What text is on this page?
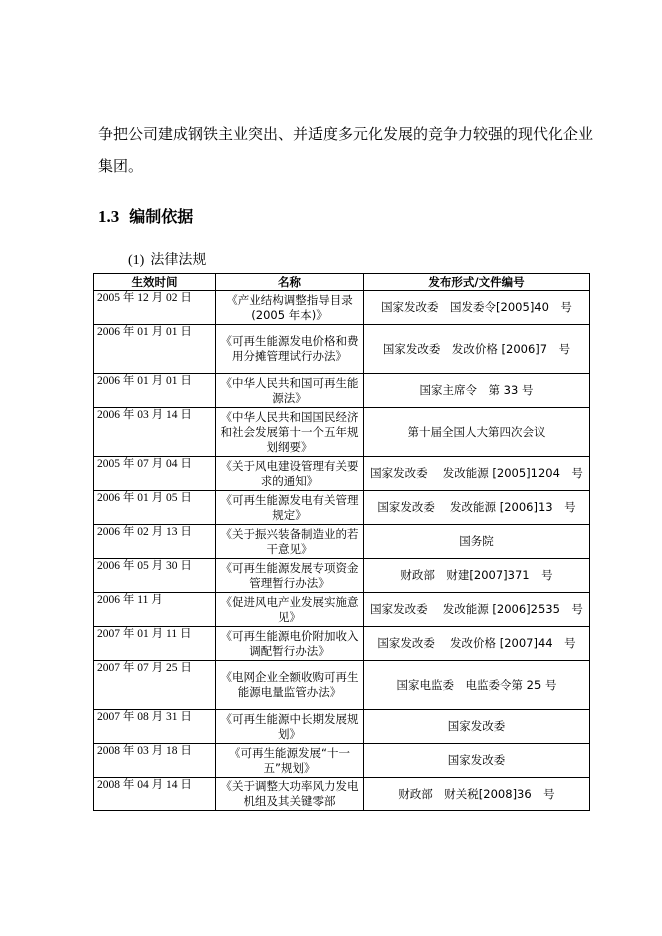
争把公司建成钢铁主业突出、并适度多元化发展的竞争力较强的现代化企业集团。

1.3 编制依据

(1) 法律法规

生效时间	名称	发布形式/文件编号
2005 年 12 月 02 日	《产业结构调整指导目录(2005 年本)》	国家发改委　国发委令[2005]40　号
2006 年 01 月 01 日	《可再生能源发电价格和费用分摊管理试行办法》	国家发改委　发改价格 [2006]7　号
2006 年 01 月 01 日	《中华人民共和国可再生能源法》	国家主席令　第 33 号
2006 年 03 月 14 日	《中华人民共和国国民经济和社会发展第十一个五年规划纲要》	第十届全国人大第四次会议
2005 年 07 月 04 日	《关于风电建设管理有关要求的通知》	国家发改委　 发改能源 [2005]1204　号
2006 年 01 月 05 日	《可再生能源发电有关管理规定》	国家发改委　 发改能源 [2006]13　号
2006 年 02 月 13 日	《关于振兴装备制造业的若干意见》	国务院
2006 年 05 月 30 日	《可再生能源发展专项资金管理暂行办法》	财政部　财建[2007]371　号
2006 年 11 月	《促进风电产业发展实施意见》	国家发改委　 发改能源 [2006]2535　号
2007 年 01 月 11 日	《可再生能源电价附加收入调配暂行办法》	国家发改委　 发改价格 [2007]44　号
2007 年 07 月 25 日	《电网企业全额收购可再生能源电量监管办法》	国家电监委　电监委令第 25 号
2007 年 08 月 31 日	《可再生能源中长期发展规划》	国家发改委
2008 年 03 月 18 日	《可再生能源发展“十一五”规划》	国家发改委
2008 年 04 月 14 日	《关于调整大功率风力发电机组及其关键零部	财政部　财关税[2008]36　号
